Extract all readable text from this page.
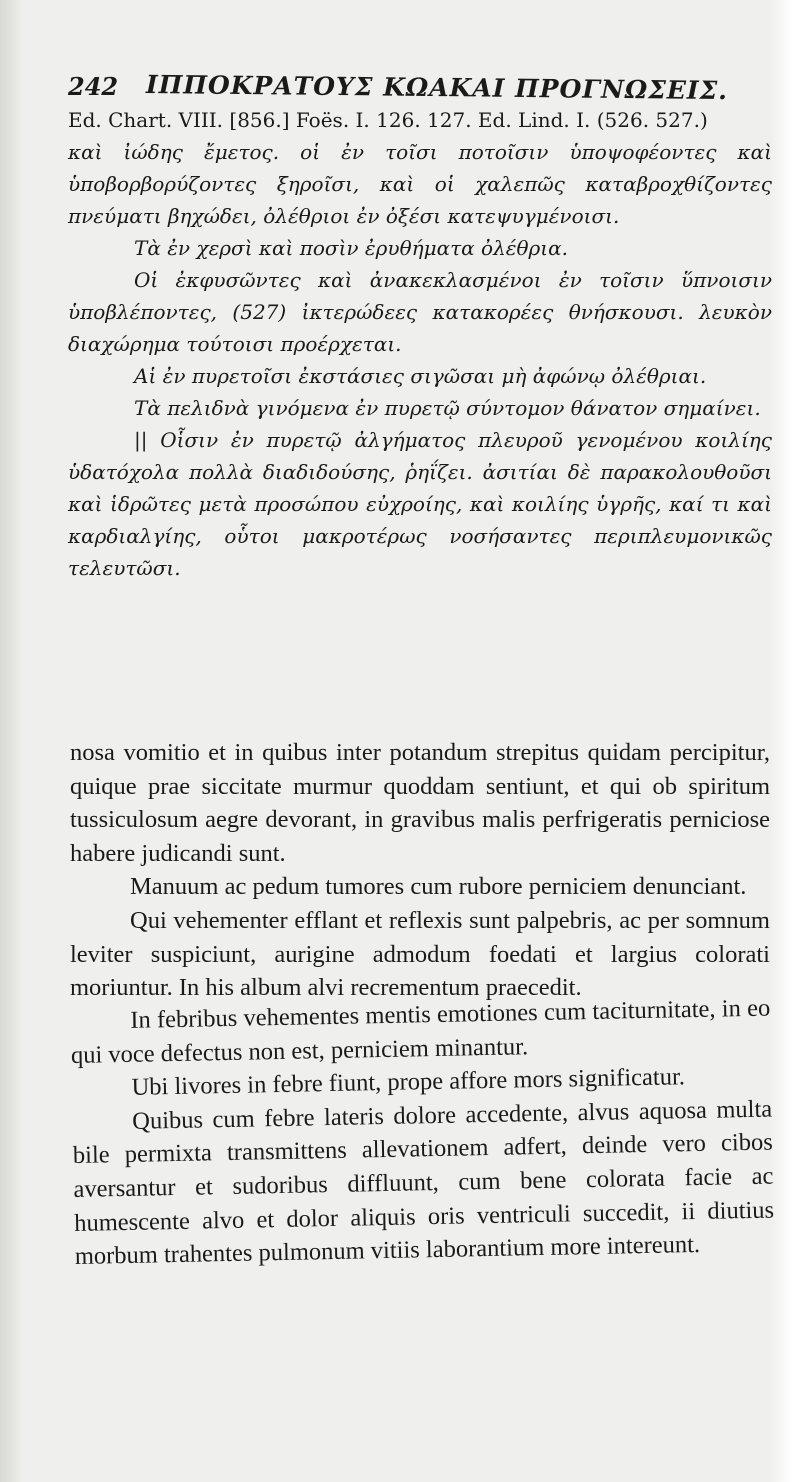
242 ΙΠΠΟΚΡΑΤΟΥΣ ΚΩΑΚΑΙ ΠΡΟΓΝΩΣΕΙΣ.

Ed. Chart. VIII. [856.] Foës. I. 126. 127. Ed. Lind. I. (526. 527.)
καὶ ἰώδης ἔμετος. οἱ ἐν τοῖσι ποτοῖσιν ὑποψοφέοντες καὶ ὑποβορβορύζοντες ξηροῖσι, καὶ οἱ χαλεπῶς καταβροχθίζοντες πνεύματι βηχώδει, ὀλέθριοι ἐν ὀξέσι κατεψυγμένοισι.

Τὰ ἐν χερσὶ καὶ ποσὶν ἐρυθήματα ὀλέθρια.

Οἱ ἐκφυσῶντες καὶ ἀνακεκλασμένοι ἐν τοῖσιν ὕπνοισιν ὑποβλέποντες, (527) ἰκτερώδεες κατακορέες θνήσκουσι. λευκὸν διαχώρημα τούτοισι προέρχεται.

Αἱ ἐν πυρετοῖσι ἐκστάσιες σιγῶσαι μὴ ἀφώνῳ ὀλέθριαι.

Τὰ πελιδνὰ γινόμενα ἐν πυρετῷ σύντομον θάνατον σημαίνει.

|| Οἷσιν ἐν πυρετῷ ἀλγήματος πλευροῦ γενομένου κοιλίης ὑδατόχολα πολλὰ διαδιδούσης, ῥηΐζει. ἀσιτίαι δὲ παρακολουθοῦσι καὶ ἱδρῶτες μετὰ προσώπου εὐχροίης, καὶ κοιλίης ὑγρῆς, καί τι καὶ καρδιαλγίης, οὗτοι μακροτέρως νοσήσαντες περιπλευμονικῶς τελευτῶσι.

nosa vomitio et in quibus inter potandum strepitus quidam percipitur, quique prae siccitate murmur quoddam sentiunt, et qui ob spiritum tussiculosum aegre devorant, in gravibus malis perfrigeratis perniciose habere judicandi sunt.

Manuum ac pedum tumores cum rubore perniciem denunciant.

Qui vehementer efflant et reflexis sunt palpebris, ac per somnum leviter suspiciunt, aurigine admodum foedati et largius colorati moriuntur. In his album alvi recrementum praecedit.

In febribus vehementes mentis emotiones cum taciturnitate, in eo qui voce defectus non est, perniciem minantur.

Ubi livores in febre fiunt, prope affore mors significatur.

Quibus cum febre lateris dolore accedente, alvus aquosa multa bile permixta transmittens allevationem adfert, deinde vero cibos aversantur et sudoribus diffluunt, cum bene colorata facie ac humescente alvo et dolor aliquis oris ventriculi succedit, ii diutius morbum trahentes pulmonum vitiis laborantium more intereunt.
